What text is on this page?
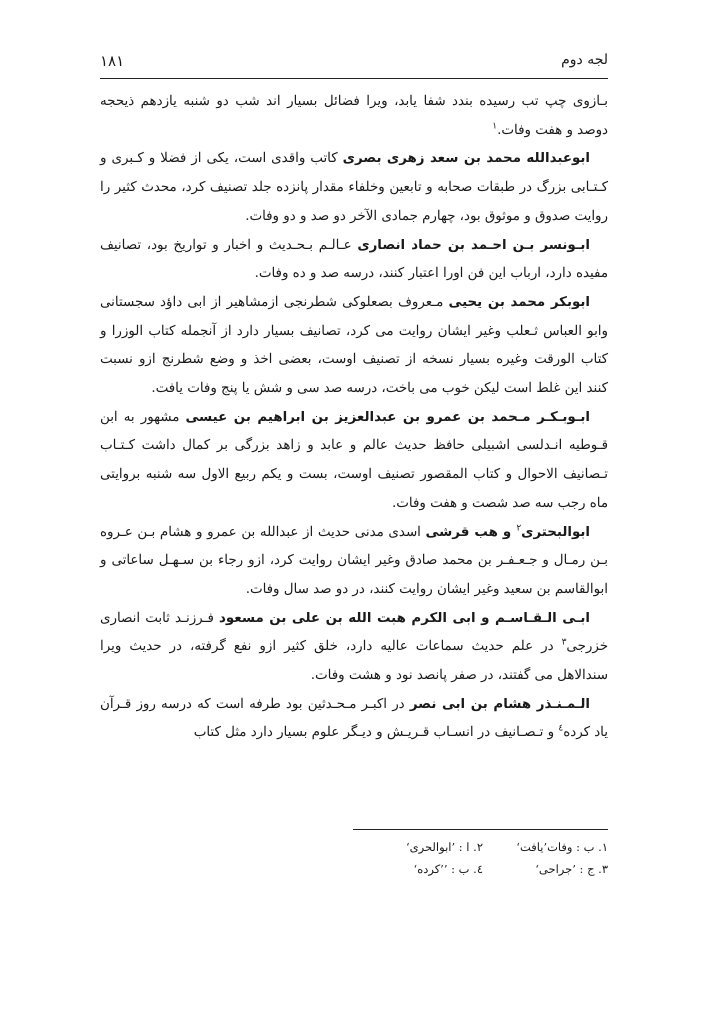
لجه دوم
۱۸۱

بـازوی چپ تب رسیده بندد شفا یابد، ویرا فضائل بسیار اند شب دو شنبه یازدهم ذیحجه دوصد و هفت وفات.$^۱$

ابوعبدالله محمد بن سعد زهری بصری کاتب واقدی است، یکی از فضلا و کـبری و کـتـابی بزرگ در طبقات صحابه و تابعین وخلفاء مقدار پانزده جلد تصنیف کرد، محدث کثیر را روایت صدوق و موثوق بود، چهارم جمادی الآخر دو صد و دو وفات.

ابـونسر بـن احـمد بن حماد انصاری عـالـم بـحـدیث و اخبار و تواریخ بود، تصانیف مفیده دارد، ارباب این فن اورا اعتبار کنند، درسه صد و ده وفات.

ابوبکر محمد بن یحیی مـعروف بصعلوکی شطرنجی ازمشاهیر از ابی داؤد سجستانی وابو العباس ثـعلب وغیر ایشان روایت می کرد، تصانیف بسیار دارد از آنجمله کتاب الوزرا و کتاب الورقت وغیره بسیار نسخه از تصنیف اوست، بعضی اخذ و وضع شطرنج ازو نسبت کنند این غلط است لیکن خوب می باخت، درسه صد سی و شش یا پنج وفات یافت.

ابـوبـکـر مـحمد بن عمرو بن عبدالعزیز بن ابراهیم بن عیسی مشهور به ابن قـوطیه انـدلسی اشبیلی حافظ حدیث عالم و عابد و زاهد بزرگی بر کمال داشت کـتـاب تـصانیف الاحوال و کتاب المقصور تصنیف اوست، بست و یکم ربیع الاول سه شنبه بروایتی ماه رجب سه صد شصت و هفت وفات.

ابوالبحتری$^۲$ و هب قرشی اسدی مدنی حدیث از عبدالله بن عمرو و هشام بـن عـروه بـن رمـال و جـعـفـر بن محمد صادق وغیر ایشان روایت کرد، ازو رجاء بن سـهـل ساعاتی و ابوالقاسم بن سعید وغیر ایشان روایت کنند، در دو صد سال وفات.

ابـی الـقـاسـم و ابی الکرم هبت الله بن علی بن مسعود فـرزنـد ثابت انصاری خزرجی$^۳$ در علم حدیث سماعات عالیه دارد، خلق کثیر ازو نفع گرفته، در حدیث ویرا سندالاهل می گفتند، در صفر پانصد نود و هشت وفات.

الـمـنـذر هشام بن ابی نصر در اکبـر مـحـدثین بود طرفه است که درسه روز قـرآن یاد کرده$^٤$ و تـصـانیف در انسـاب قـریـش و دیـگر علوم بسیار دارد مثل کتاب

۱. ب : وفات’یافت‘
۲. ا : ’ابوالحری‘
۳. ج : ’جراحی‘
٤. ب : ’’کرده‘
